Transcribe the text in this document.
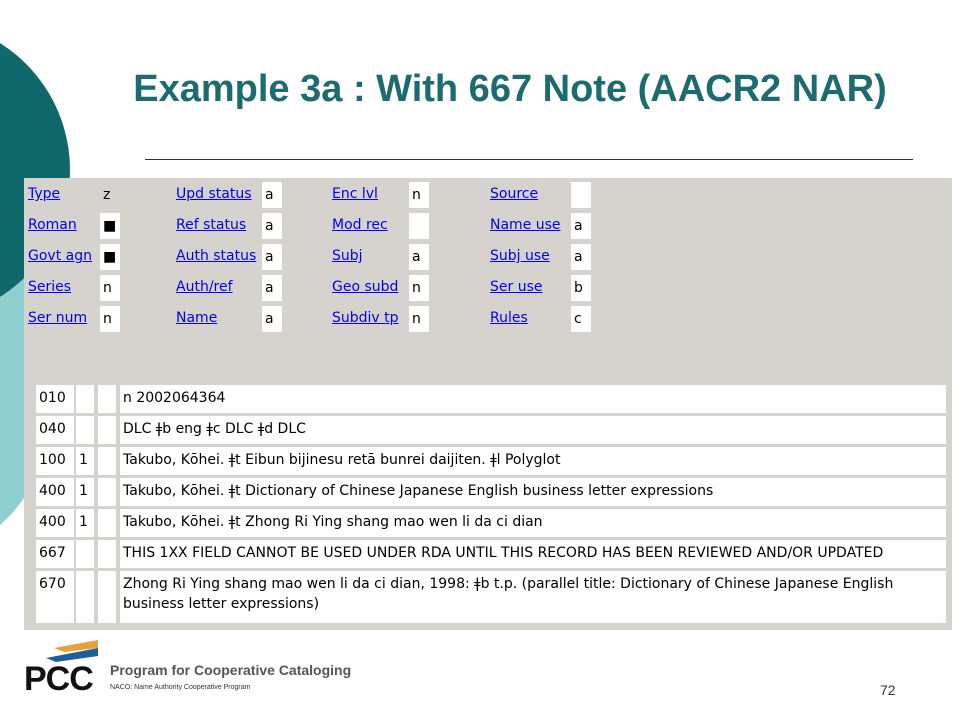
Example 3a : With 667 Note (AACR2 NAR)
Type	z	Upd status a	Enc lvl n	Source
Roman ■	Ref status a	Mod rec	Name use a
Govt agn ■	Auth status a	Subj	a	Subj use a
Series n	Auth/ref a	Geo subd n	Ser use b
Ser num n	Name	a	Subdiv tp n	Rules	c
010	n 2002064364
040	DLC ǂb eng ǂc DLC ǂd DLC
100 1	Takubo, Kōhei. ǂt Eibun bijinesu retā bunrei daijiten. ǂl Polyglot
400 1	Takubo, Kōhei. ǂt Dictionary of Chinese Japanese English business letter expressions
400 1	Takubo, Kōhei. ǂt Zhong Ri Ying shang mao wen li da ci dian
667	THIS 1XX FIELD CANNOT BE USED UNDER RDA UNTIL THIS RECORD HAS BEEN REVIEWED AND/OR UPDATED
670	Zhong Ri Ying shang mao wen li da ci dian, 1998: ǂb t.p. (parallel title: Dictionary of Chinese Japanese English business letter expressions)
PCC Program for Cooperative Cataloging
NACO: Name Authority Cooperative Program	72
